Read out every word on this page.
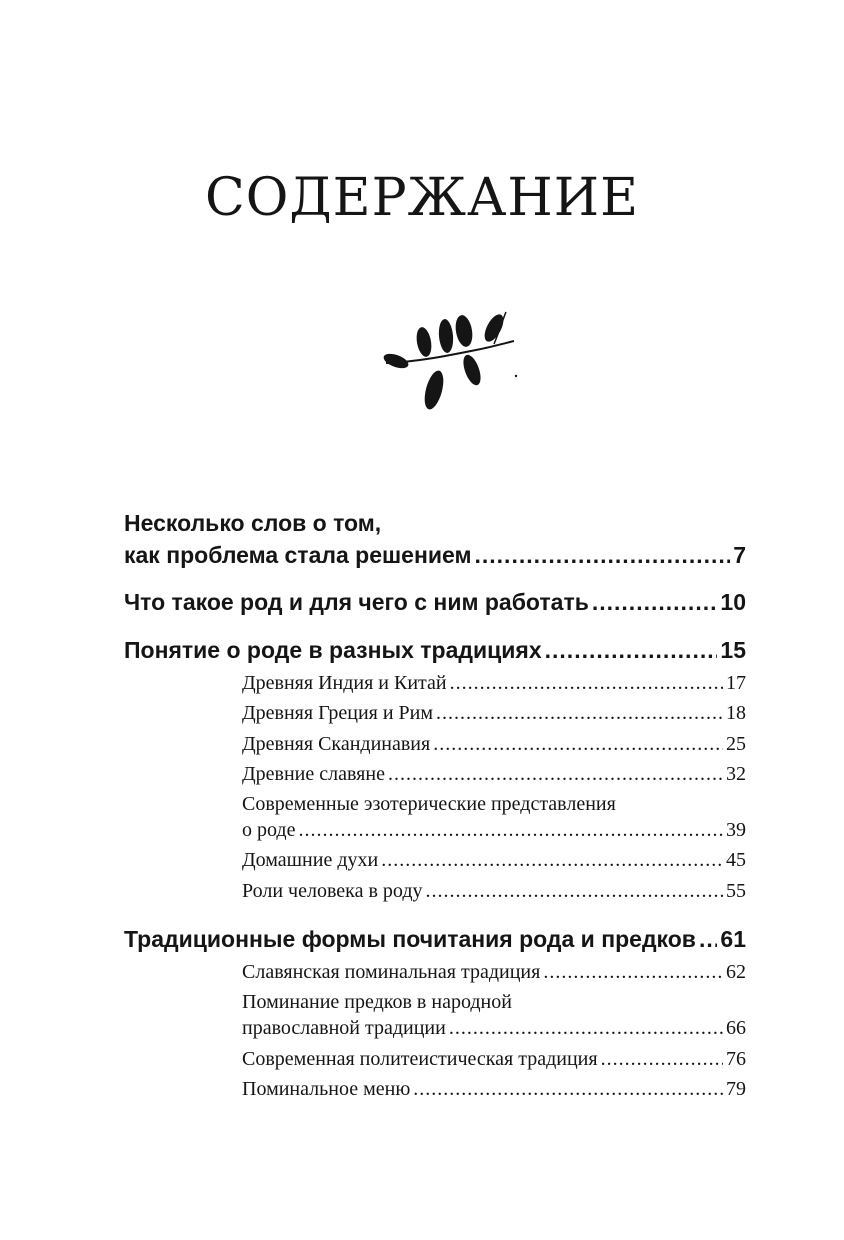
СОДЕРЖАНИЕ
Несколько слов о том,
как проблема стала решением .....	7
Что такое род и для чего с ним работать .....	10
Понятие о роде в разных традициях .....	15
Древняя Индия и Китай .....	17
Древняя Греция и Рим .....	18
Древняя Скандинавия .....	25
Древние славяне .....	32
Современные эзотерические представления
о роде .....	39
Домашние духи .....	45
Роли человека в роду .....	55
Традиционные формы почитания рода и предков ..... 61
Славянская поминальная традиция .....	62
Поминание предков в народной
православной традиции .....	66
Современная политеистическая традиция .....	76
Поминальное меню .....	79
